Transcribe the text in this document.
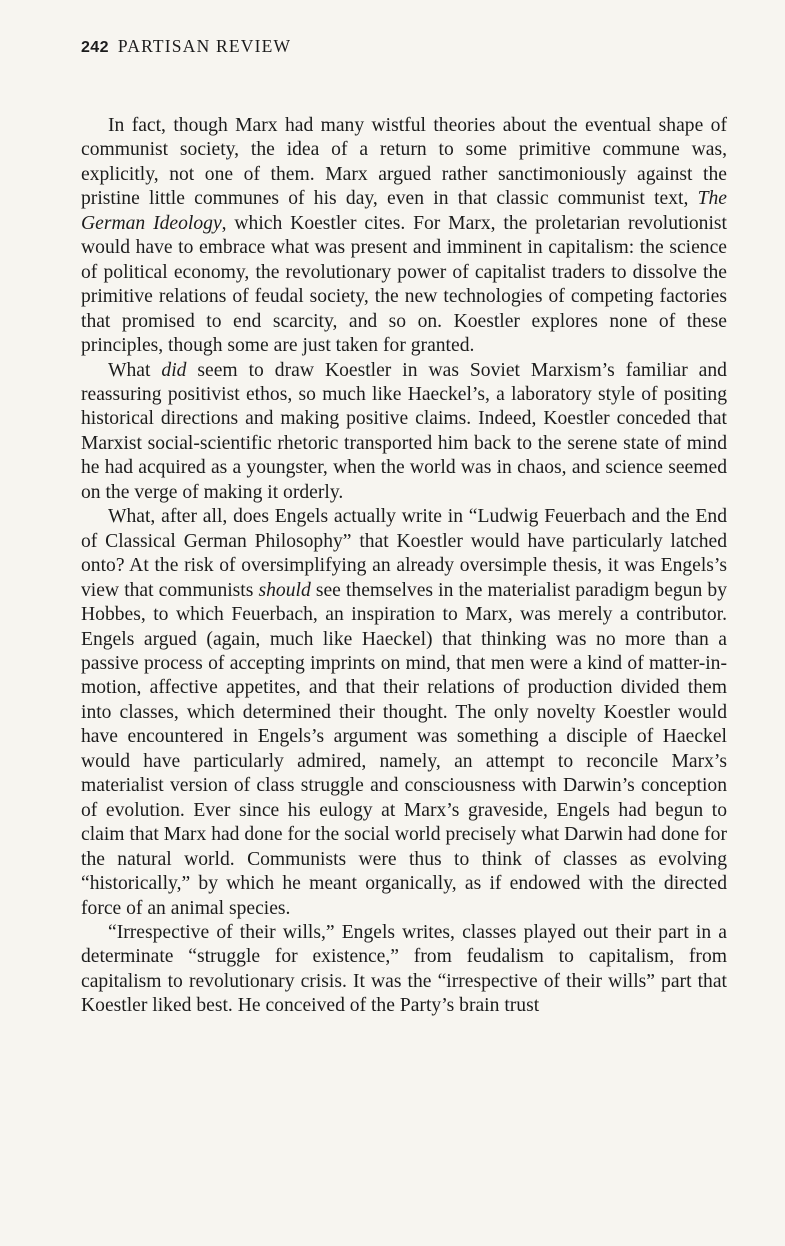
242 PARTISAN REVIEW

In fact, though Marx had many wistful theories about the eventual shape of communist society, the idea of a return to some primitive commune was, explicitly, not one of them. Marx argued rather sanctimoniously against the pristine little communes of his day, even in that classic communist text, The German Ideology, which Koestler cites. For Marx, the proletarian revolutionist would have to embrace what was present and imminent in capitalism: the science of political economy, the revolutionary power of capitalist traders to dissolve the primitive relations of feudal society, the new technologies of competing factories that promised to end scarcity, and so on. Koestler explores none of these principles, though some are just taken for granted.

What did seem to draw Koestler in was Soviet Marxism’s familiar and reassuring positivist ethos, so much like Haeckel’s, a laboratory style of positing historical directions and making positive claims. Indeed, Koestler conceded that Marxist social-scientific rhetoric transported him back to the serene state of mind he had acquired as a youngster, when the world was in chaos, and science seemed on the verge of making it orderly.

What, after all, does Engels actually write in “Ludwig Feuerbach and the End of Classical German Philosophy” that Koestler would have particularly latched onto? At the risk of oversimplifying an already oversimple thesis, it was Engels’s view that communists should see themselves in the materialist paradigm begun by Hobbes, to which Feuerbach, an inspiration to Marx, was merely a contributor. Engels argued (again, much like Haeckel) that thinking was no more than a passive process of accepting imprints on mind, that men were a kind of matter-in-motion, affective appetites, and that their relations of production divided them into classes, which determined their thought. The only novelty Koestler would have encountered in Engels’s argument was something a disciple of Haeckel would have particularly admired, namely, an attempt to reconcile Marx’s materialist version of class struggle and consciousness with Darwin’s conception of evolution. Ever since his eulogy at Marx’s graveside, Engels had begun to claim that Marx had done for the social world precisely what Darwin had done for the natural world. Communists were thus to think of classes as evolving “historically,” by which he meant organically, as if endowed with the directed force of an animal species.

“Irrespective of their wills,” Engels writes, classes played out their part in a determinate “struggle for existence,” from feudalism to capitalism, from capitalism to revolutionary crisis. It was the “irrespective of their wills” part that Koestler liked best. He conceived of the Party’s brain trust
